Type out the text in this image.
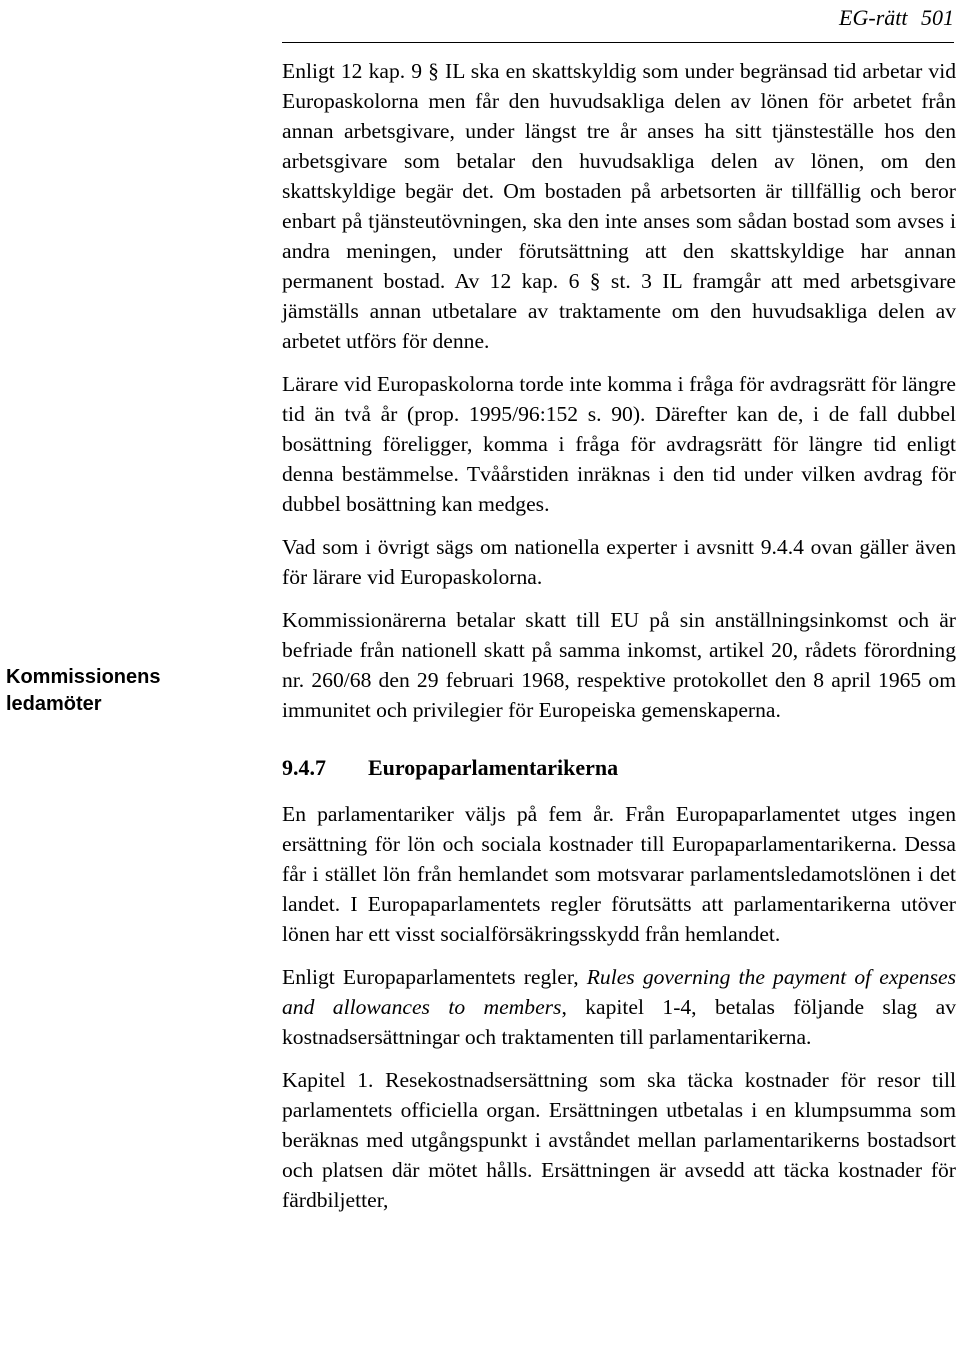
EG-rätt 501
Kommissionens ledamöter

Enligt 12 kap. 9 § IL ska en skattskyldig som under begränsad tid arbetar vid Europaskolorna men får den huvudsakliga delen av lönen för arbetet från annan arbetsgivare, under längst tre år anses ha sitt tjänsteställe hos den arbetsgivare som betalar den huvudsakliga delen av lönen, om den skattskyldige begär det. Om bostaden på arbetsorten är tillfällig och beror enbart på tjänsteutövningen, ska den inte anses som sådan bostad som avses i andra meningen, under förutsättning att den skattskyldige har annan permanent bostad. Av 12 kap. 6 § st. 3 IL framgår att med arbetsgivare jämställs annan utbetalare av traktamente om den huvudsakliga delen av arbetet utförs för denne.

Lärare vid Europaskolorna torde inte komma i fråga för avdragsrätt för längre tid än två år (prop. 1995/96:152 s. 90). Därefter kan de, i de fall dubbel bosättning föreligger, komma i fråga för avdragsrätt för längre tid enligt denna bestämmelse. Tvåårstiden inräknas i den tid under vilken avdrag för dubbel bosättning kan medges.

Vad som i övrigt sägs om nationella experter i avsnitt 9.4.4 ovan gäller även för lärare vid Europaskolorna.

Kommissionärerna betalar skatt till EU på sin anställningsinkomst och är befriade från nationell skatt på samma inkomst, artikel 20, rådets förordning nr. 260/68 den 29 februari 1968, respektive protokollet den 8 april 1965 om immunitet och privilegier för Europeiska gemenskaperna.

9.4.7 Europaparlamentarikerna

En parlamentariker väljs på fem år. Från Europaparlamentet utges ingen ersättning för lön och sociala kostnader till Europaparlamentarikerna. Dessa får i stället lön från hemlandet som motsvarar parlamentsledamotslönen i det landet. I Europaparlamentets regler förutsätts att parlamentarikerna utöver lönen har ett visst socialförsäkringsskydd från hemlandet.

Enligt Europaparlamentets regler, Rules governing the payment of expenses and allowances to members, kapitel 1-4, betalas följande slag av kostnadsersättningar och traktamenten till parlamentarikerna.

Kapitel 1. Resekostnadsersättning som ska täcka kostnader för resor till parlamentets officiella organ. Ersättningen utbetalas i en klumpsumma som beräknas med utgångspunkt i avståndet mellan parlamentarikerns bostadsort och platsen där mötet hålls. Ersättningen är avsedd att täcka kostnader för färdbiljetter,
